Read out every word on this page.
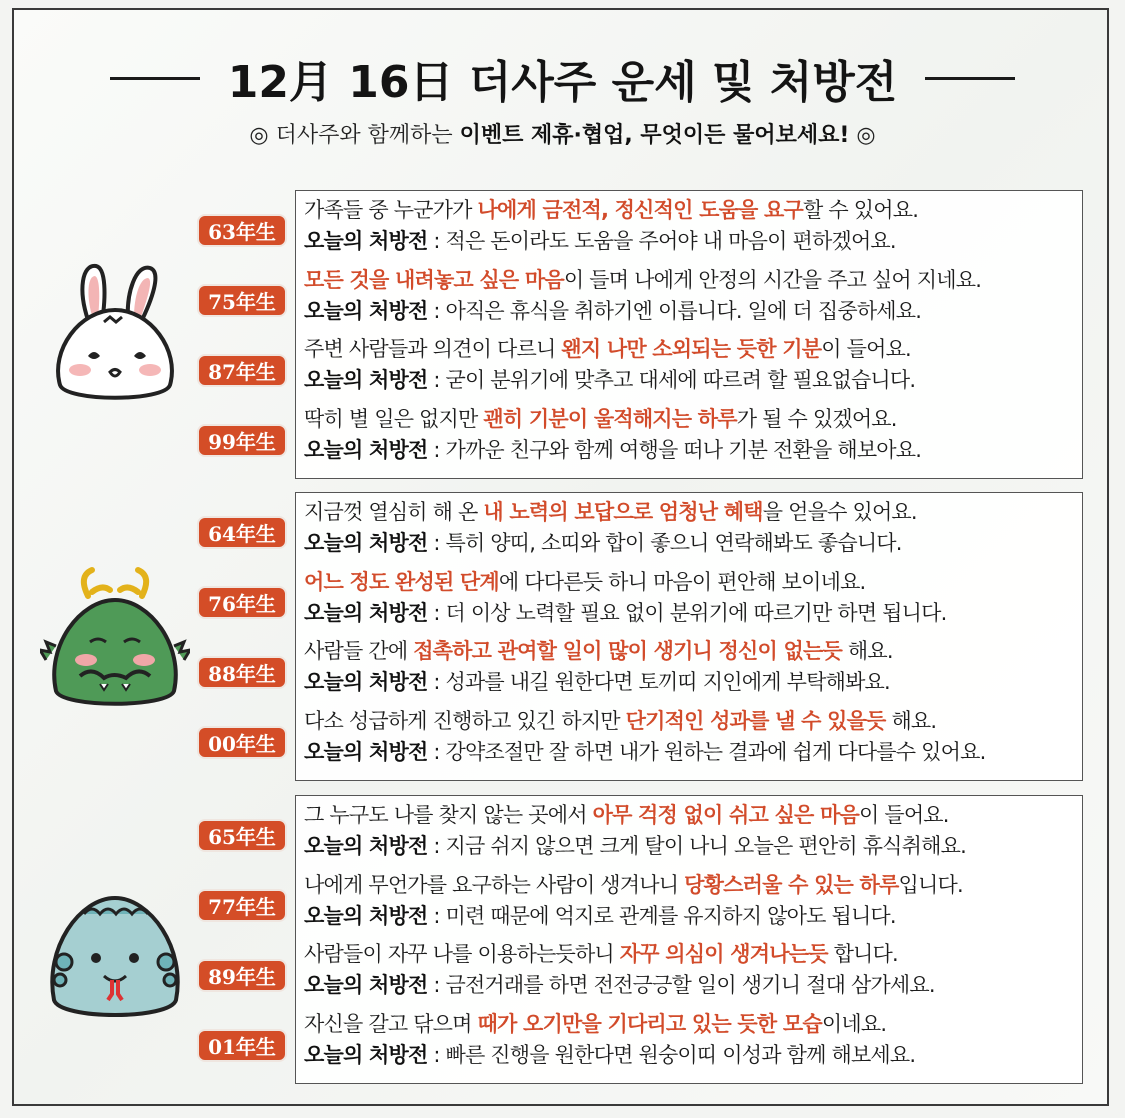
12月 16日 더사주 운세 및 처방전
◎ 더사주와 함께하는 이벤트 제휴·협업, 무엇이든 물어보세요! ◎
가족들 중 누군가가 나에게 금전적, 정신적인 도움을 요구할 수 있어요.
오늘의 처방전 : 적은 돈이라도 도움을 주어야 내 마음이 편하겠어요.
모든 것을 내려놓고 싶은 마음이 들며 나에게 안정의 시간을 주고 싶어 지네요.
오늘의 처방전 : 아직은 휴식을 취하기엔 이릅니다. 일에 더 집중하세요.
주변 사람들과 의견이 다르니 왠지 나만 소외되는 듯한 기분이 들어요.
오늘의 처방전 : 굳이 분위기에 맞추고 대세에 따르려 할 필요없습니다.
딱히 별 일은 없지만 괜히 기분이 울적해지는 하루가 될 수 있겠어요.
오늘의 처방전 : 가까운 친구와 함께 여행을 떠나 기분 전환을 해보아요.
지금껏 열심히 해 온 내 노력의 보답으로 엄청난 혜택을 얻을수 있어요.
오늘의 처방전 : 특히 양띠, 소띠와 합이 좋으니 연락해봐도 좋습니다.
어느 정도 완성된 단계에 다다른듯 하니 마음이 편안해 보이네요.
오늘의 처방전 : 더 이상 노력할 필요 없이 분위기에 따르기만 하면 됩니다.
사람들 간에 접촉하고 관여할 일이 많이 생기니 정신이 없는듯 해요.
오늘의 처방전 : 성과를 내길 원한다면 토끼띠 지인에게 부탁해봐요.
다소 성급하게 진행하고 있긴 하지만 단기적인 성과를 낼 수 있을듯 해요.
오늘의 처방전 : 강약조절만 잘 하면 내가 원하는 결과에 쉽게 다다를수 있어요.
그 누구도 나를 찾지 않는 곳에서 아무 걱정 없이 쉬고 싶은 마음이 들어요.
오늘의 처방전 : 지금 쉬지 않으면 크게 탈이 나니 오늘은 편안히 휴식취해요.
나에게 무언가를 요구하는 사람이 생겨나니 당황스러울 수 있는 하루입니다.
오늘의 처방전 : 미련 때문에 억지로 관계를 유지하지 않아도 됩니다.
사람들이 자꾸 나를 이용하는듯하니 자꾸 의심이 생겨나는듯 합니다.
오늘의 처방전 : 금전거래를 하면 전전긍긍할 일이 생기니 절대 삼가세요.
자신을 갈고 닦으며 때가 오기만을 기다리고 있는 듯한 모습이네요.
오늘의 처방전 : 빠른 진행을 원한다면 원숭이띠 이성과 함께 해보세요.
63年生
75年生
87年生
99年生
64年生
76年生
88年生
00年生
65年生
77年生
89年生
01年生
